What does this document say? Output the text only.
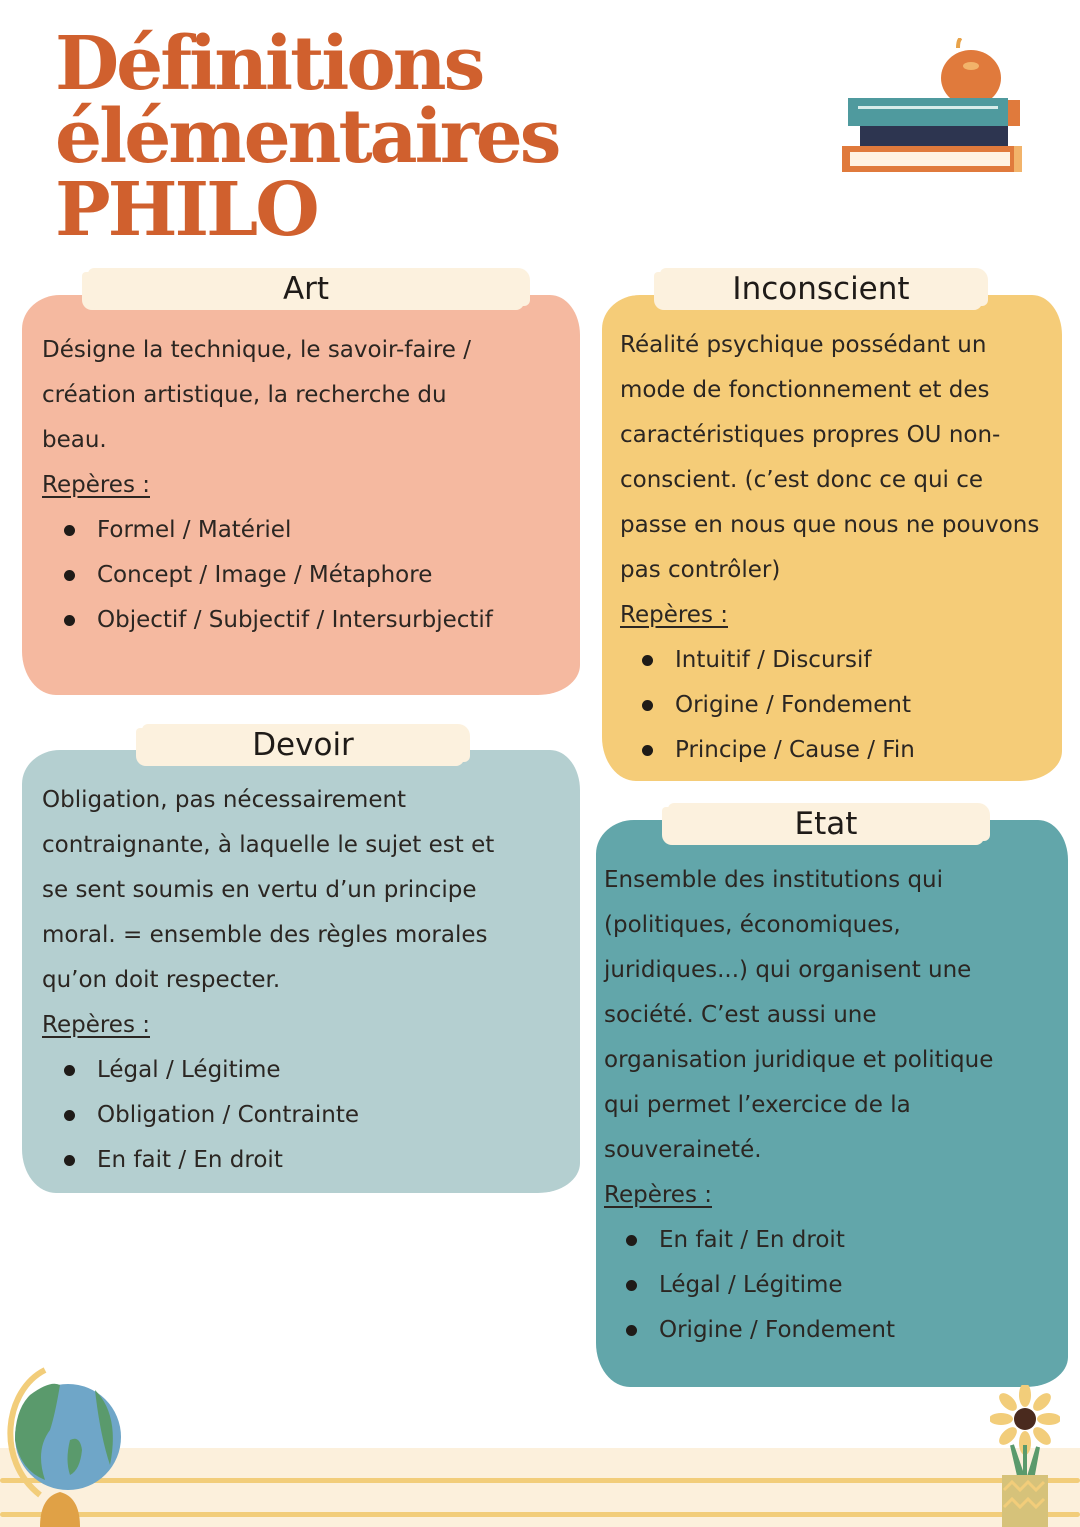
Définitions
élémentaires
PHILO
Art
Désigne la technique, le savoir-faire /
création artistique, la recherche du
beau.
Repères :
Formel / Matériel
Concept / Image / Métaphore
Objectif / Subjectif / Intersurbjectif
Inconscient
Réalité psychique possédant un
mode de fonctionnement et des
caractéristiques propres OU non-
conscient. (c’est donc ce qui ce
passe en nous que nous ne pouvons
pas contrôler)
Repères :
Intuitif / Discursif
Origine / Fondement
Principe / Cause / Fin
Devoir
Obligation, pas nécessairement
contraignante, à laquelle le sujet est et
se sent soumis en vertu d’un principe
moral. = ensemble des règles morales
qu’on doit respecter.
Repères :
Légal / Légitime
Obligation / Contrainte
En fait / En droit
Etat
Ensemble des institutions qui
(politiques, économiques,
juridiques...) qui organisent une
société. C’est aussi une
organisation juridique et politique
qui permet l’exercice de la
souveraineté.
Repères :
En fait / En droit
Légal / Légitime
Origine / Fondement
